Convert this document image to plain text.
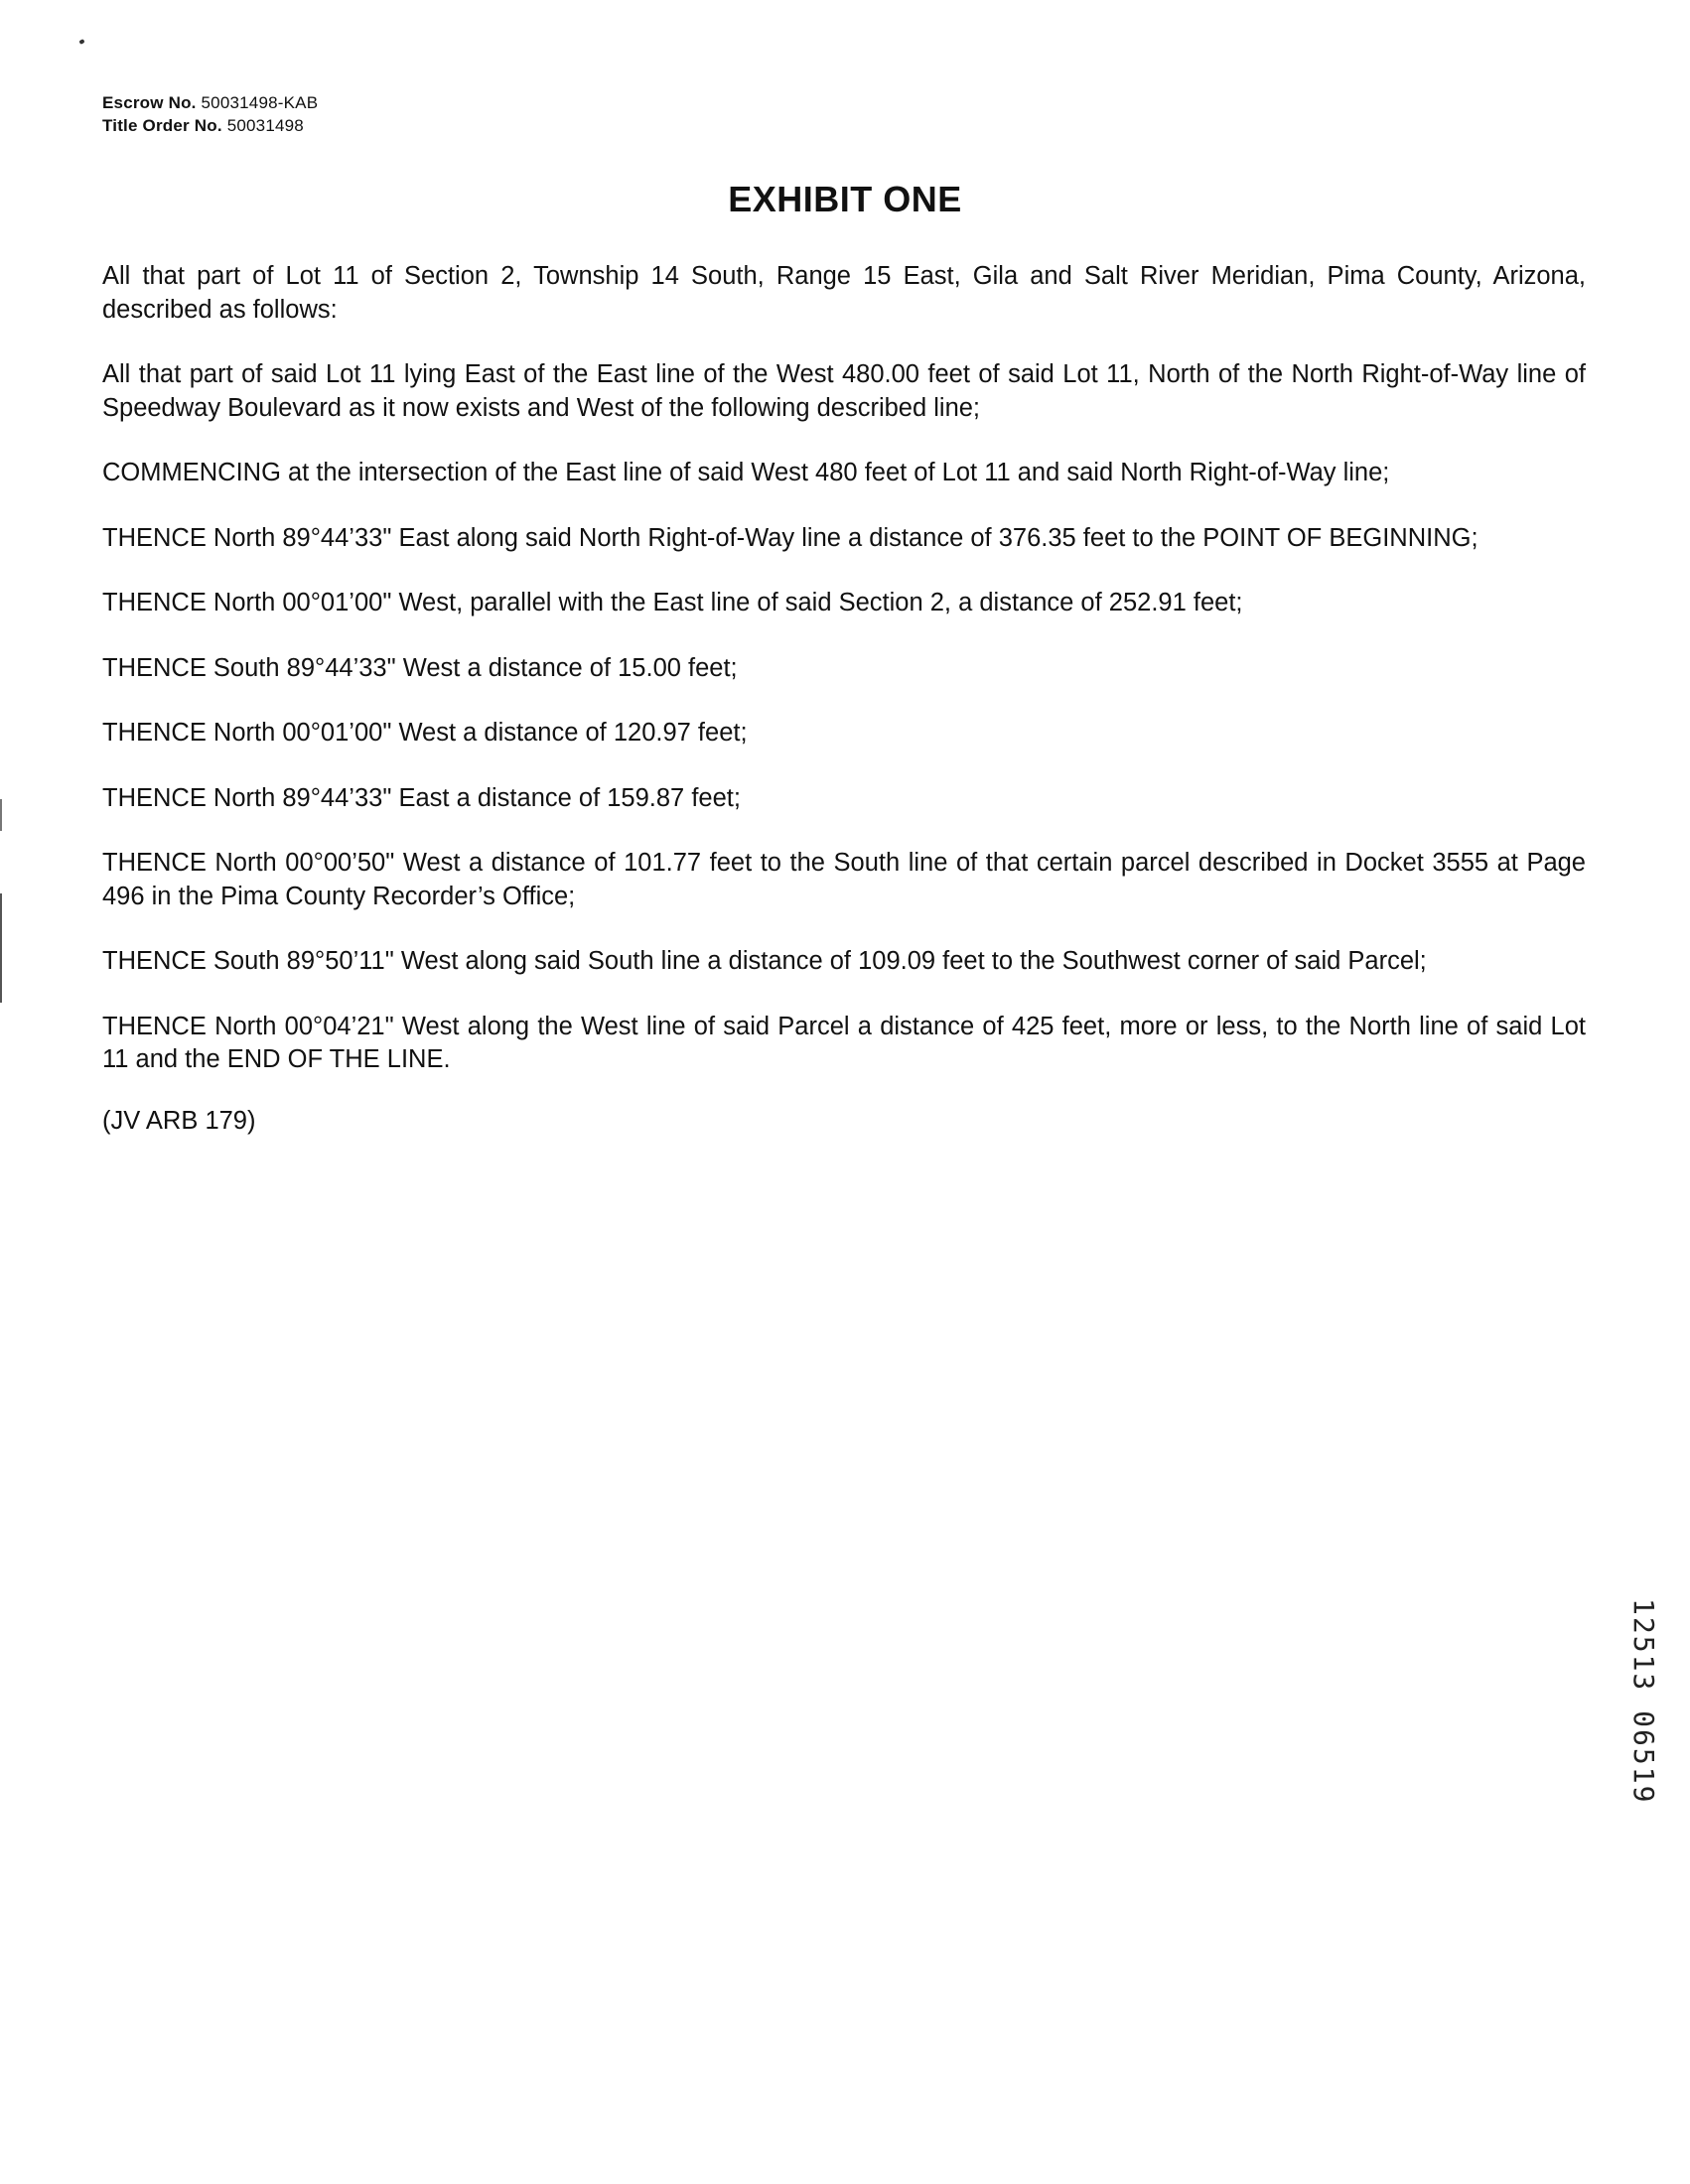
Escrow No. 50031498-KAB
Title Order No. 50031498
EXHIBIT ONE

All that part of Lot 11 of Section 2, Township 14 South, Range 15 East, Gila and Salt River Meridian, Pima County, Arizona, described as follows:

All that part of said Lot 11 lying East of the East line of the West 480.00 feet of said Lot 11, North of the North Right-of-Way line of Speedway Boulevard as it now exists and West of the following described line;

COMMENCING at the intersection of the East line of said West 480 feet of Lot 11 and said North Right-of-Way line;

THENCE North 89°44’33" East along said North Right-of-Way line a distance of 376.35 feet to the POINT OF BEGINNING;

THENCE North 00°01’00" West, parallel with the East line of said Section 2, a distance of 252.91 feet;

THENCE South 89°44’33" West a distance of 15.00 feet;

THENCE North 00°01’00" West a distance of 120.97 feet;

THENCE North 89°44’33" East a distance of 159.87 feet;

THENCE North 00°00’50" West a distance of 101.77 feet to the South line of that certain parcel described in Docket 3555 at Page 496 in the Pima County Recorder’s Office;

THENCE South 89°50’11" West along said South line a distance of 109.09 feet to the Southwest corner of said Parcel;

THENCE North 00°04’21" West along the West line of said Parcel a distance of 425 feet, more or less, to the North line of said Lot 11 and the END OF THE LINE.

(JV ARB 179)

12513 06519
